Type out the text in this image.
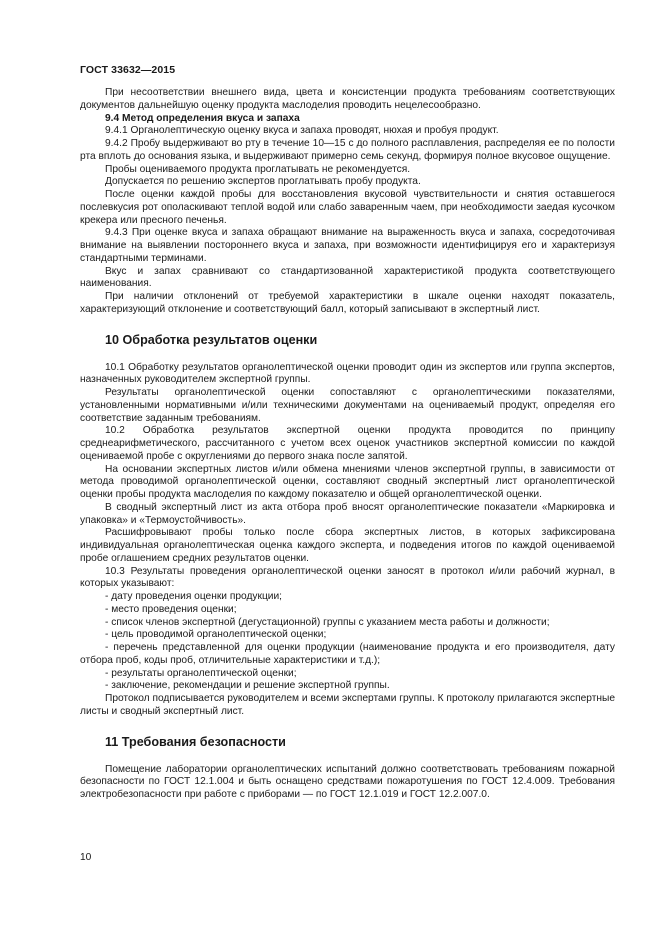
ГОСТ 33632—2015

При несоответствии внешнего вида, цвета и консистенции продукта требованиям соответствующих документов дальнейшую оценку продукта маслоделия проводить нецелесообразно.

9.4 Метод определения вкуса и запаха

9.4.1 Органолептическую оценку вкуса и запаха проводят, нюхая и пробуя продукт.

9.4.2 Пробу выдерживают во рту в течение 10—15 с до полного расплавления, распределяя ее по полости рта вплоть до основания языка, и выдерживают примерно семь секунд, формируя полное вкусовое ощущение.

Пробы оцениваемого продукта проглатывать не рекомендуется.

Допускается по решению экспертов проглатывать пробу продукта.

После оценки каждой пробы для восстановления вкусовой чувствительности и снятия оставшегося послевкусия рот ополаскивают теплой водой или слабо заваренным чаем, при необходимости заедая кусочком крекера или пресного печенья.

9.4.3 При оценке вкуса и запаха обращают внимание на выраженность вкуса и запаха, сосредоточивая внимание на выявлении постороннего вкуса и запаха, при возможности идентифицируя его и характеризуя стандартными терминами.

Вкус и запах сравнивают со стандартизованной характеристикой продукта соответствующего наименования.

При наличии отклонений от требуемой характеристики в шкале оценки находят показатель, характеризующий отклонение и соответствующий балл, который записывают в экспертный лист.

10 Обработка результатов оценки

10.1 Обработку результатов органолептической оценки проводит один из экспертов или группа экспертов, назначенных руководителем экспертной группы.

Результаты органолептической оценки сопоставляют с органолептическими показателями, установленными нормативными и/или техническими документами на оцениваемый продукт, определяя его соответствие заданным требованиям.

10.2 Обработка результатов экспертной оценки продукта проводится по принципу среднеарифметического, рассчитанного с учетом всех оценок участников экспертной комиссии по каждой оцениваемой пробе с округлениями до первого знака после запятой.

На основании экспертных листов и/или обмена мнениями членов экспертной группы, в зависимости от метода проводимой органолептической оценки, составляют сводный экспертный лист органолептической оценки пробы продукта маслоделия по каждому показателю и общей органолептической оценки.

В сводный экспертный лист из акта отбора проб вносят органолептические показатели «Маркировка и упаковка» и «Термоустойчивость».

Расшифровывают пробы только после сбора экспертных листов, в которых зафиксирована индивидуальная органолептическая оценка каждого эксперта, и подведения итогов по каждой оцениваемой пробе оглашением средних результатов оценки.

10.3 Результаты проведения органолептической оценки заносят в протокол и/или рабочий журнал, в которых указывают:

- дату проведения оценки продукции;
- место проведения оценки;
- список членов экспертной (дегустационной) группы с указанием места работы и должности;
- цель проводимой органолептической оценки;
- перечень представленной для оценки продукции (наименование продукта и его производителя, дату отбора проб, коды проб, отличительные характеристики и т.д.);
- результаты органолептической оценки;
- заключение, рекомендации и решение экспертной группы.

Протокол подписывается руководителем и всеми экспертами группы. К протоколу прилагаются экспертные листы и сводный экспертный лист.

11 Требования безопасности

Помещение лаборатории органолептических испытаний должно соответствовать требованиям пожарной безопасности по ГОСТ 12.1.004 и быть оснащено средствами пожаротушения по ГОСТ 12.4.009. Требования электробезопасности при работе с приборами — по ГОСТ 12.1.019 и ГОСТ 12.2.007.0.

10
